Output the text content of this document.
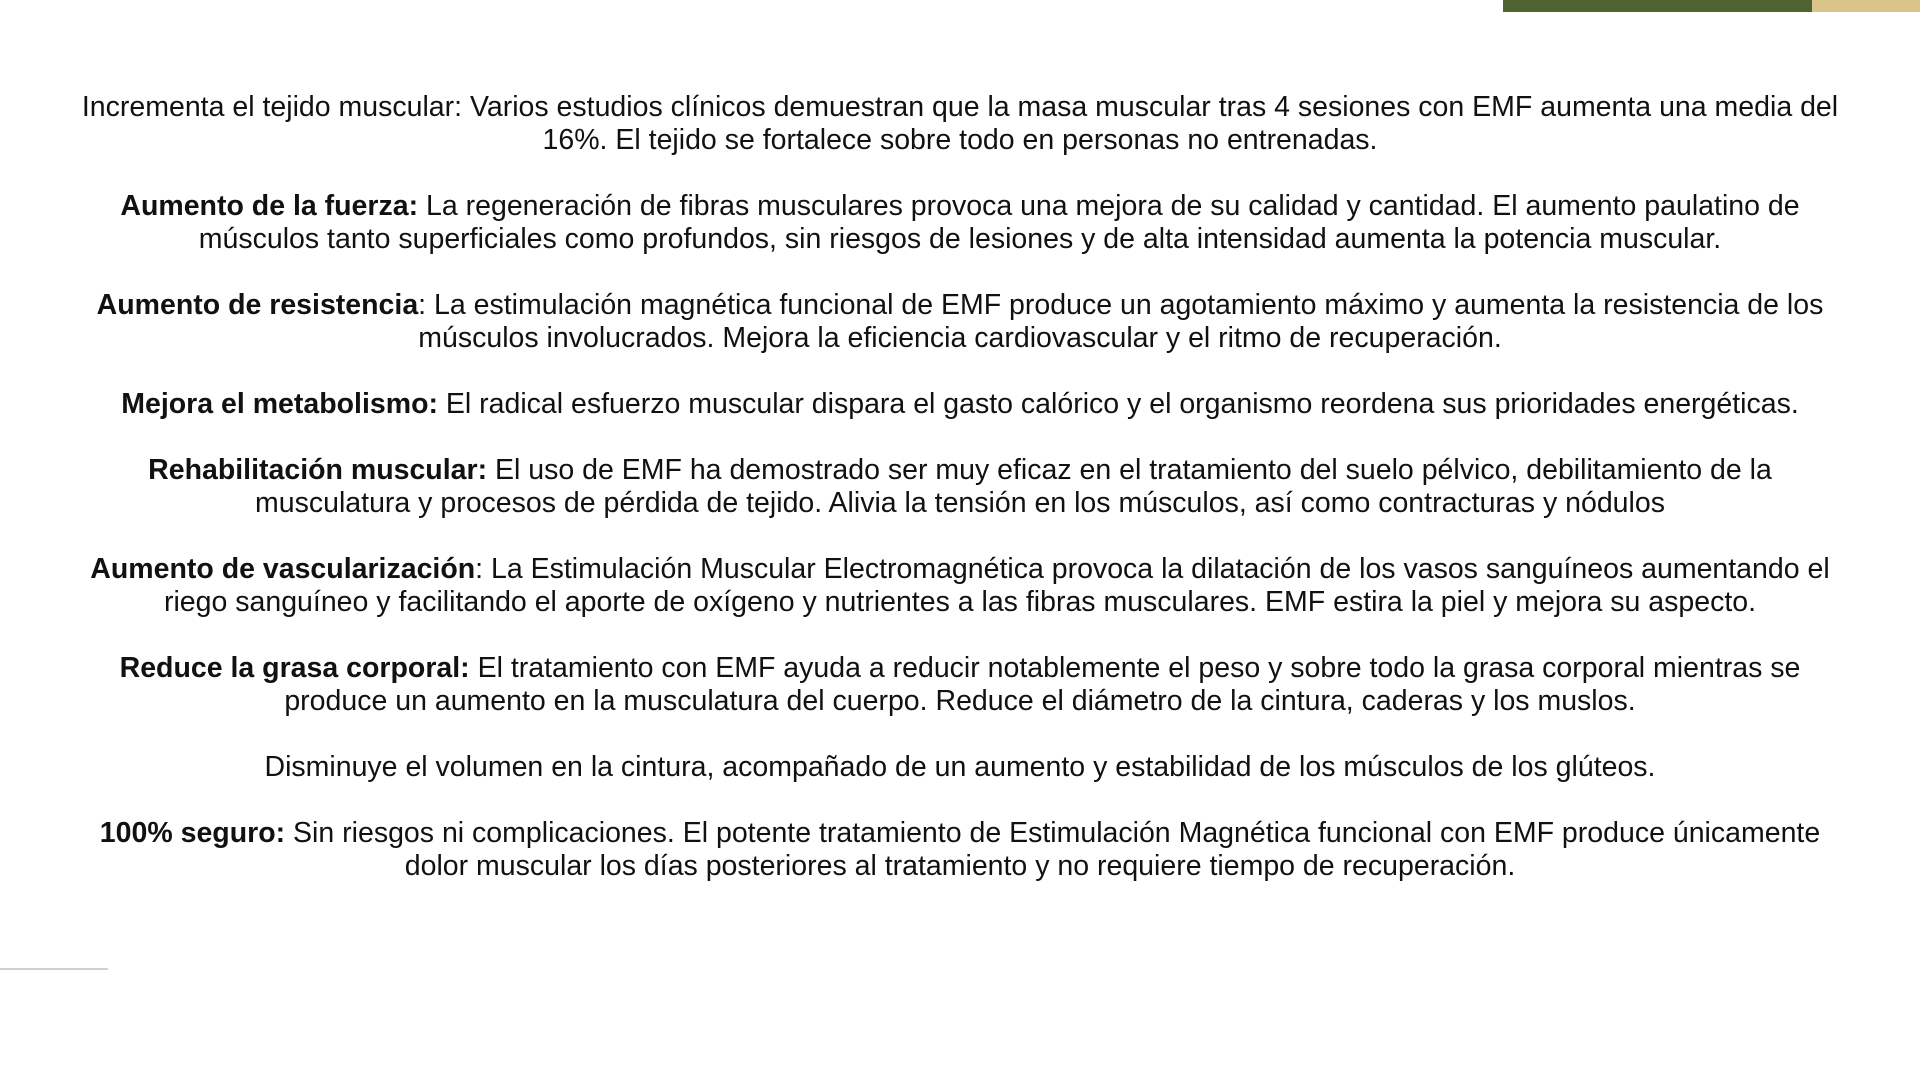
Incrementa el tejido muscular: Varios estudios clínicos demuestran que la masa muscular tras 4 sesiones con EMF aumenta una media del 16%. El tejido se fortalece sobre todo en personas no entrenadas.

Aumento de la fuerza: La regeneración de fibras musculares provoca una mejora de su calidad y cantidad. El aumento paulatino de músculos tanto superficiales como profundos, sin riesgos de lesiones y de alta intensidad aumenta la potencia muscular.

Aumento de resistencia: La estimulación magnética funcional de EMF produce un agotamiento máximo y aumenta la resistencia de los músculos involucrados. Mejora la eficiencia cardiovascular y el ritmo de recuperación.

Mejora el metabolismo: El radical esfuerzo muscular dispara el gasto calórico y el organismo reordena sus prioridades energéticas.

Rehabilitación muscular: El uso de EMF ha demostrado ser muy eficaz en el tratamiento del suelo pélvico, debilitamiento de la musculatura y procesos de pérdida de tejido. Alivia la tensión en los músculos, así como contracturas y nódulos

Aumento de vascularización: La Estimulación Muscular Electromagnética provoca la dilatación de los vasos sanguíneos aumentando el riego sanguíneo y facilitando el aporte de oxígeno y nutrientes a las fibras musculares. EMF estira la piel y mejora su aspecto.

Reduce la grasa corporal: El tratamiento con EMF ayuda a reducir notablemente el peso y sobre todo la grasa corporal mientras se produce un aumento en la musculatura del cuerpo. Reduce el diámetro de la cintura, caderas y los muslos.

Disminuye el volumen en la cintura, acompañado de un aumento y estabilidad de los músculos de los glúteos.

100% seguro: Sin riesgos ni complicaciones. El potente tratamiento de Estimulación Magnética funcional con EMF produce únicamente dolor muscular los días posteriores al tratamiento y no requiere tiempo de recuperación.
